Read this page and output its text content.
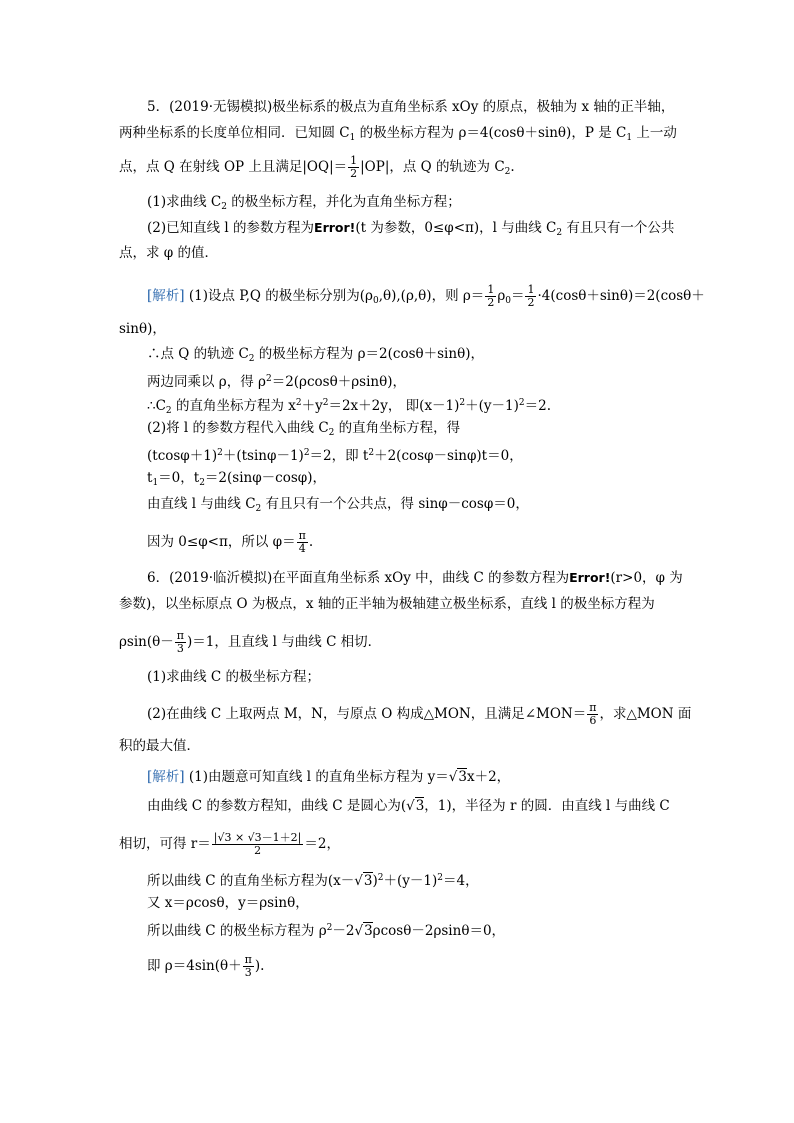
5．(2019·无锡模拟)极坐标系的极点为直角坐标系 xOy 的原点，极轴为 x 轴的正半轴，
两种坐标系的长度单位相同．已知圆 $C_1$ 的极坐标方程为 ρ＝4(cosθ＋sinθ)，P 是 $C_1$ 上一动
点，点 Q 在射线 OP 上且满足$|OQ|= \frac{1}{2} |OP|$，点 Q 的轨迹为 $C_2$.
(1)求曲线 $C_2$ 的极坐标方程，并化为直角坐标方程；
(2)已知直线 l 的参数方程为Error!(t 为参数，0≤φ<π)，l 与曲线 $C_2$ 有且只有一个公共
点，求 φ 的值．
[解析] (1)设点 P,Q 的极坐标分别为$(\rho_0,\theta),(\rho,\theta)$，则 $\rho= \frac{1}{2} \rho_0= \frac{1}{2} \cdot 4(\cos\theta+\sin\theta)=2(\cos\theta+$
sinθ)，
∴点 Q 的轨迹 $C_2$ 的极坐标方程为 ρ＝2(cosθ＋sinθ)，
两边同乘以 ρ，得 $\rho^2=2(\rho\cos\theta+\rho\sin\theta)$，
$\therefore C_2$ 的直角坐标方程为 $x^2+y^2=2x+2y$， 即$(x-1)^2+(y-1)^2=2$.
(2)将 l 的参数方程代入曲线 $C_2$ 的直角坐标方程，得
$(tcos\varphi+1)^2+(tsin\varphi-1)^2=2$，即 $t^2+2(\cos\varphi-\sin\varphi)t=0$，
$t_1=0$，$t_2=2(\sin\varphi-\cos\varphi)$，
由直线 l 与曲线 $C_2$ 有且只有一个公共点，得 sinφ－cosφ＝0，
因为 0≤φ<π，所以 $\varphi= \frac{\pi}{4}$ .
6．(2019·临沂模拟)在平面直角坐标系 xOy 中，曲线 C 的参数方程为Error!(r>0，φ 为
参数)，以坐标原点 O 为极点，x 轴的正半轴为极轴建立极坐标系，直线 l 的极坐标方程为
$\rho\sin(\theta- \frac{\pi}{3} )=1$，且直线 l 与曲线 C 相切．
(1)求曲线 C 的极坐标方程；
(2)在曲线 C 上取两点 M，N，与原点 O 构成△MON，且满足∠MON＝ $\frac{\pi}{6}$ ，求△MON 面
积的最大值．
[解析] (1)由题意可知直线 l 的直角坐标方程为 y＝√ 3x＋2，
由曲线 C 的参数方程知，曲线 C 是圆心为(√ 3，1)，半径为 r 的圆．由直线 l 与曲线 C
相切，可得 $r= \frac{|√3 \times √3-1+2|}{2} =2$，
所以曲线 C 的直角坐标方程为(x－√ $3)^2+(y-1)^2=4$，
又 x＝ρcosθ，y＝ρsinθ，
所以曲线 C 的极坐标方程为 $\rho^2-2√$ 3ρcosθ－2ρsinθ＝0，
即 $\rho=4\sin(\theta+ \frac{\pi}{3}$ ).
